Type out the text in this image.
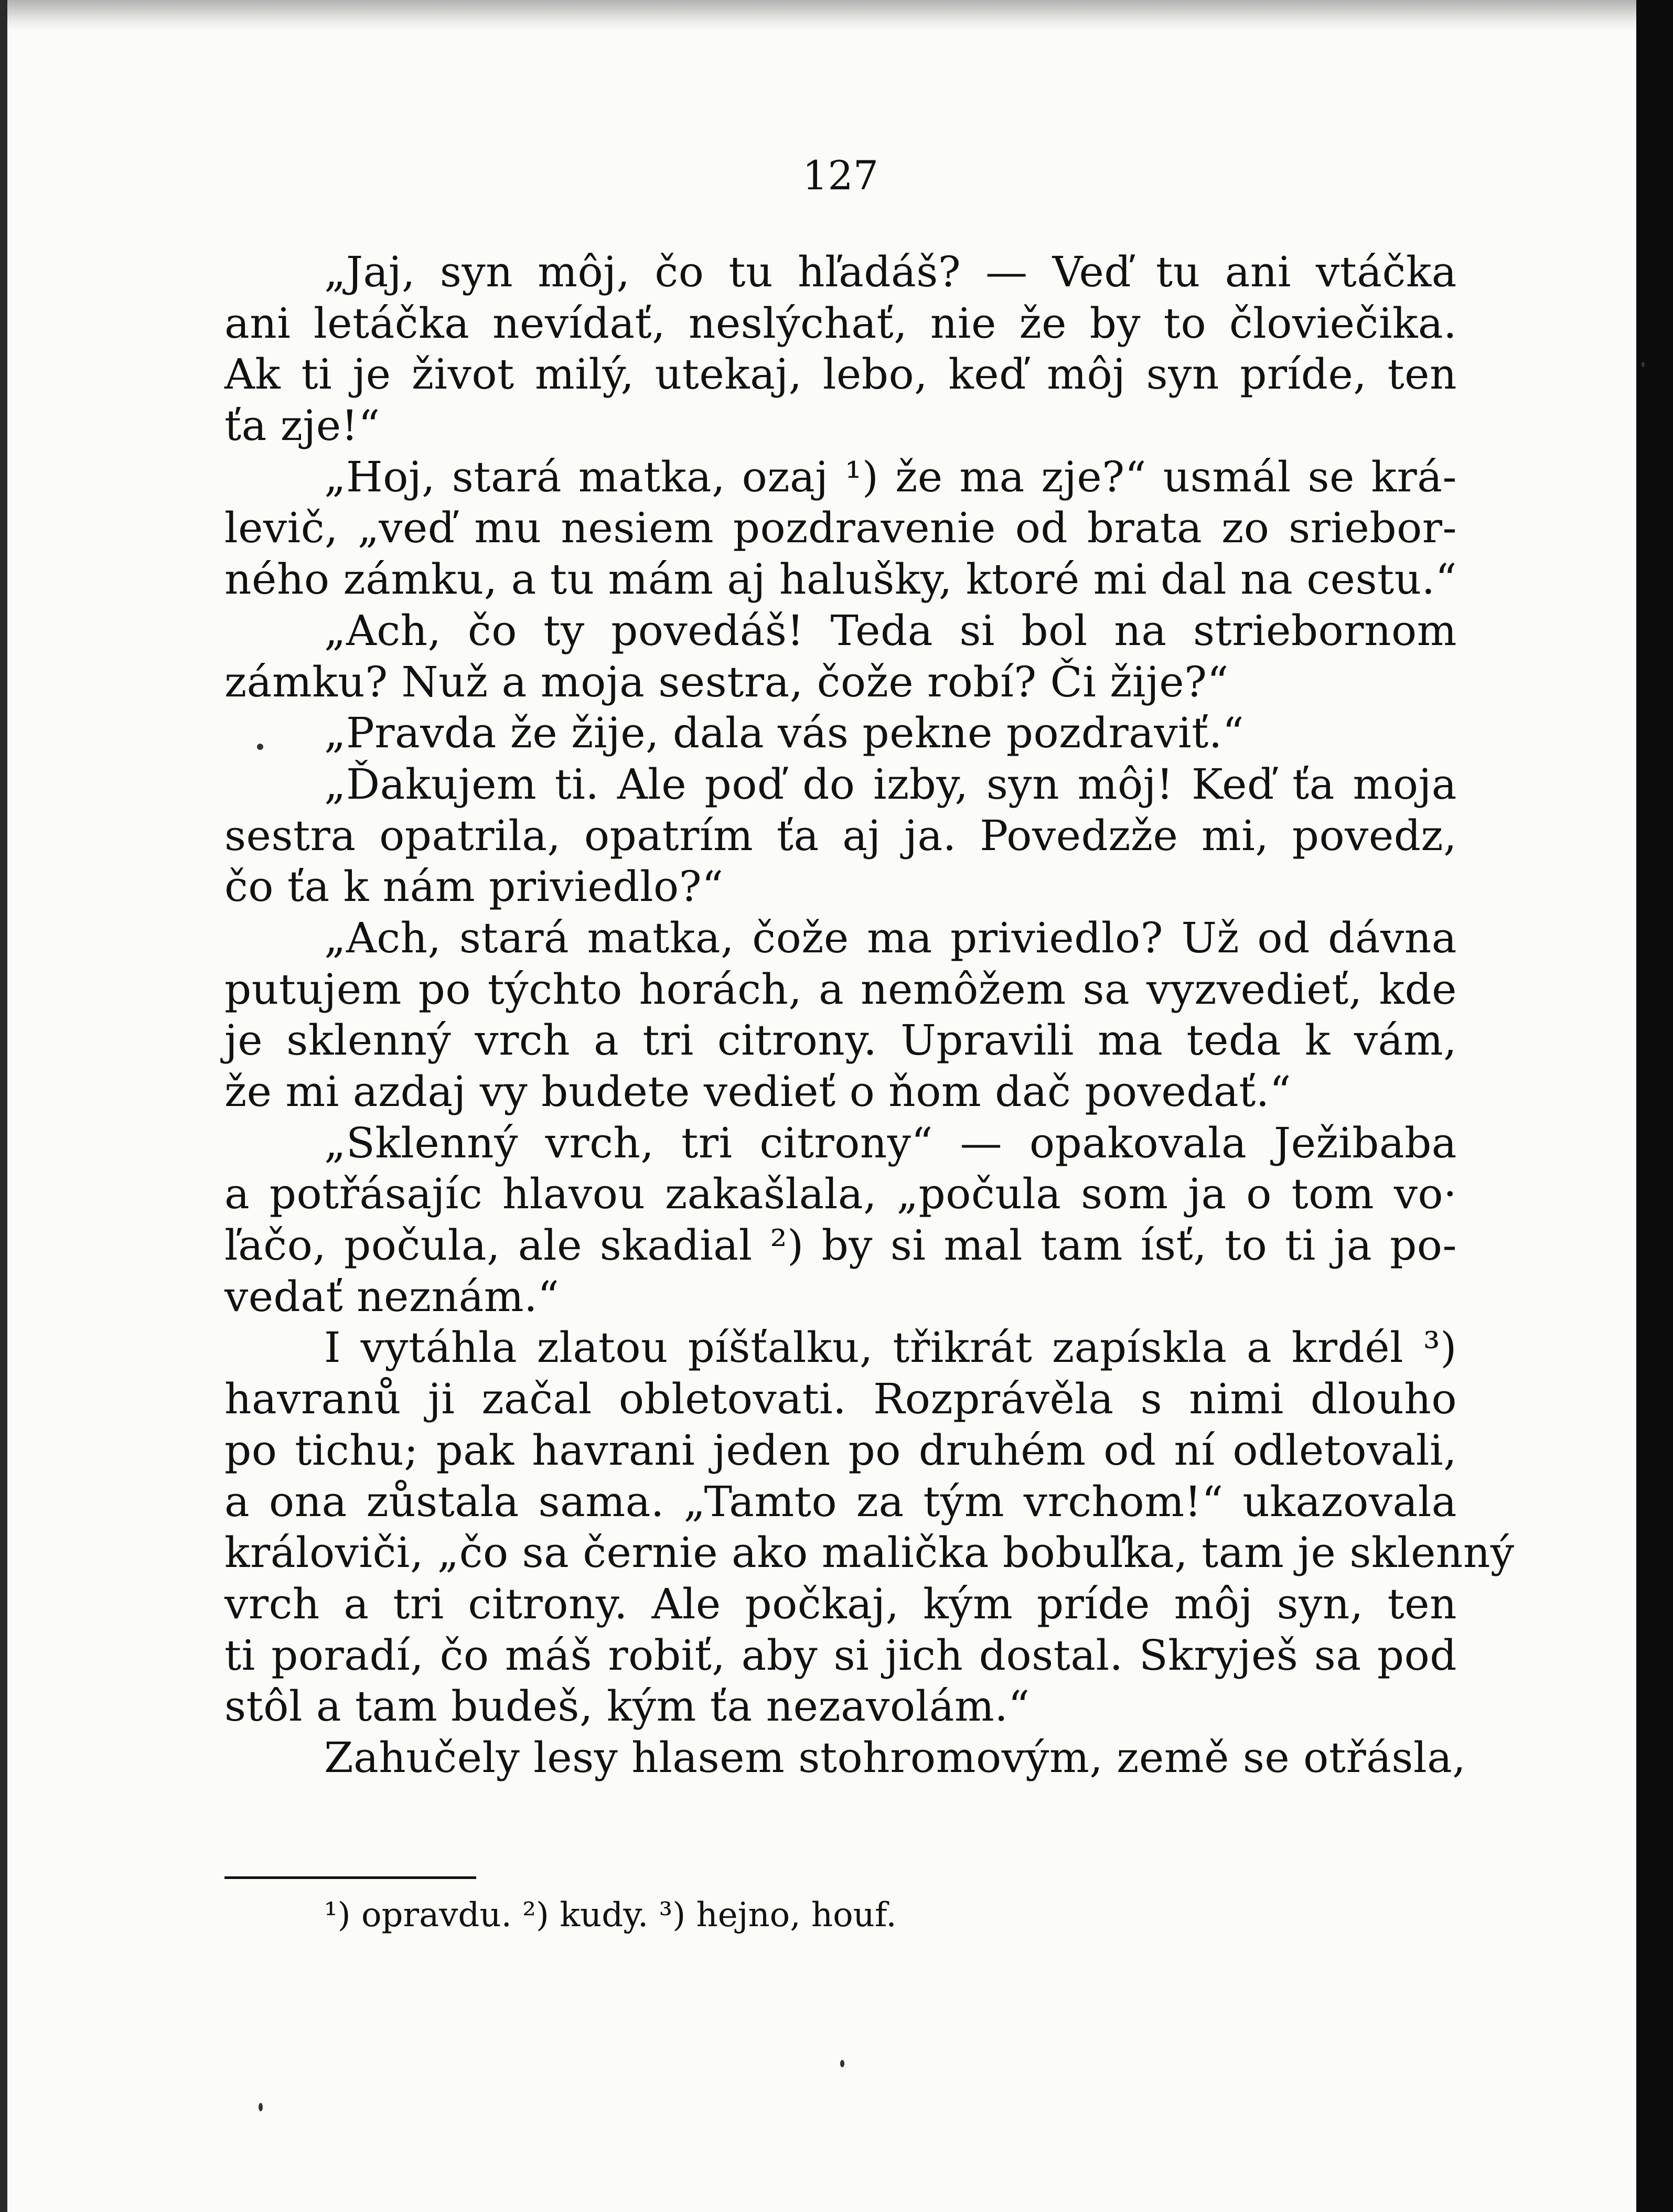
127
„Jaj, syn môj, čo tu hľadáš? — Veď tu ani vtáčka
ani letáčka nevídať, neslýchať, nie že by to človiečika.
Ak ti je život milý, utekaj, lebo, keď môj syn príde, ten
ťa zje!“
„Hoj, stará matka, ozaj ¹) že ma zje?“ usmál se krá-
levič, „veď mu nesiem pozdravenie od brata zo sriebor-
ného zámku, a tu mám aj halušky, ktoré mi dal na cestu.“
„Ach, čo ty povedáš! Teda si bol na striebornom
zámku? Nuž a moja sestra, čože robí? Či žije?“
„Pravda že žije, dala vás pekne pozdraviť.“
„Ďakujem ti. Ale poď do izby, syn môj! Keď ťa moja
sestra opatrila, opatrím ťa aj ja. Povedzže mi, povedz,
čo ťa k nám priviedlo?“
„Ach, stará matka, čože ma priviedlo? Už od dávna
putujem po týchto horách, a nemôžem sa vyzvedieť, kde
je sklenný vrch a tri citrony. Upravili ma teda k vám,
že mi azdaj vy budete vedieť o ňom dač povedať.“
„Sklenný vrch, tri citrony“ — opakovala Ježibaba
a potřásajíc hlavou zakašlala, „počula som ja o tom vo·
ľačo, počula, ale skadial ²) by si mal tam ísť, to ti ja po-
vedať neznám.“
I vytáhla zlatou píšťalku, třikrát zapískla a krdél ³)
havranů ji začal obletovati. Rozprávěla s nimi dlouho
po tichu; pak havrani jeden po druhém od ní odletovali,
a ona zůstala sama. „Tamto za tým vrchom!“ ukazovala
královiči, „čo sa černie ako malička bobuľka, tam je sklenný
vrch a tri citrony. Ale počkaj, kým príde môj syn, ten
ti poradí, čo máš robiť, aby si jich dostal. Skryješ sa pod
stôl a tam budeš, kým ťa nezavolám.“
Zahučely lesy hlasem stohromovým, země se otřásla,
¹) opravdu. ²) kudy. ³) hejno, houf.
